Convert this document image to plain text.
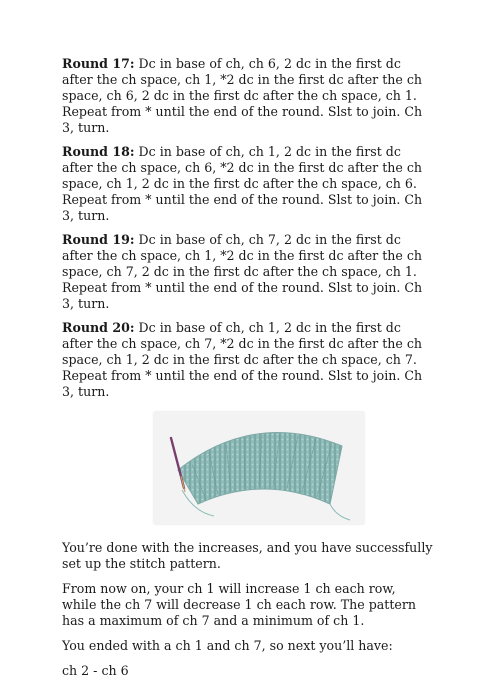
Round 17: Dc in base of ch, ch 6, 2 dc in the first dc after the ch space, ch 1, *2 dc in the first dc after the ch space, ch 6, 2 dc in the first dc after the ch space, ch 1. Repeat from * until the end of the round. Slst to join. Ch 3, turn.

Round 18: Dc in base of ch, ch 1, 2 dc in the first dc after the ch space, ch 6, *2 dc in the first dc after the ch space, ch 1, 2 dc in the first dc after the ch space, ch 6. Repeat from * until the end of the round. Slst to join. Ch 3, turn.

Round 19: Dc in base of ch, ch 7, 2 dc in the first dc after the ch space, ch 1, *2 dc in the first dc after the ch space, ch 7, 2 dc in the first dc after the ch space, ch 1. Repeat from * until the end of the round. Slst to join. Ch 3, turn.

Round 20: Dc in base of ch, ch 1, 2 dc in the first dc after the ch space, ch 7, *2 dc in the first dc after the ch space, ch 1, 2 dc in the first dc after the ch space, ch 7. Repeat from * until the end of the round. Slst to join. Ch 3, turn.

You’re done with the increases, and you have successfully set up the stitch pattern.

From now on, your ch 1 will increase 1 ch each row, while the ch 7 will decrease 1 ch each row. The pattern has a maximum of ch 7 and a minimum of ch 1.

You ended with a ch 1 and ch 7, so next you’ll have:

ch 2 - ch 6
